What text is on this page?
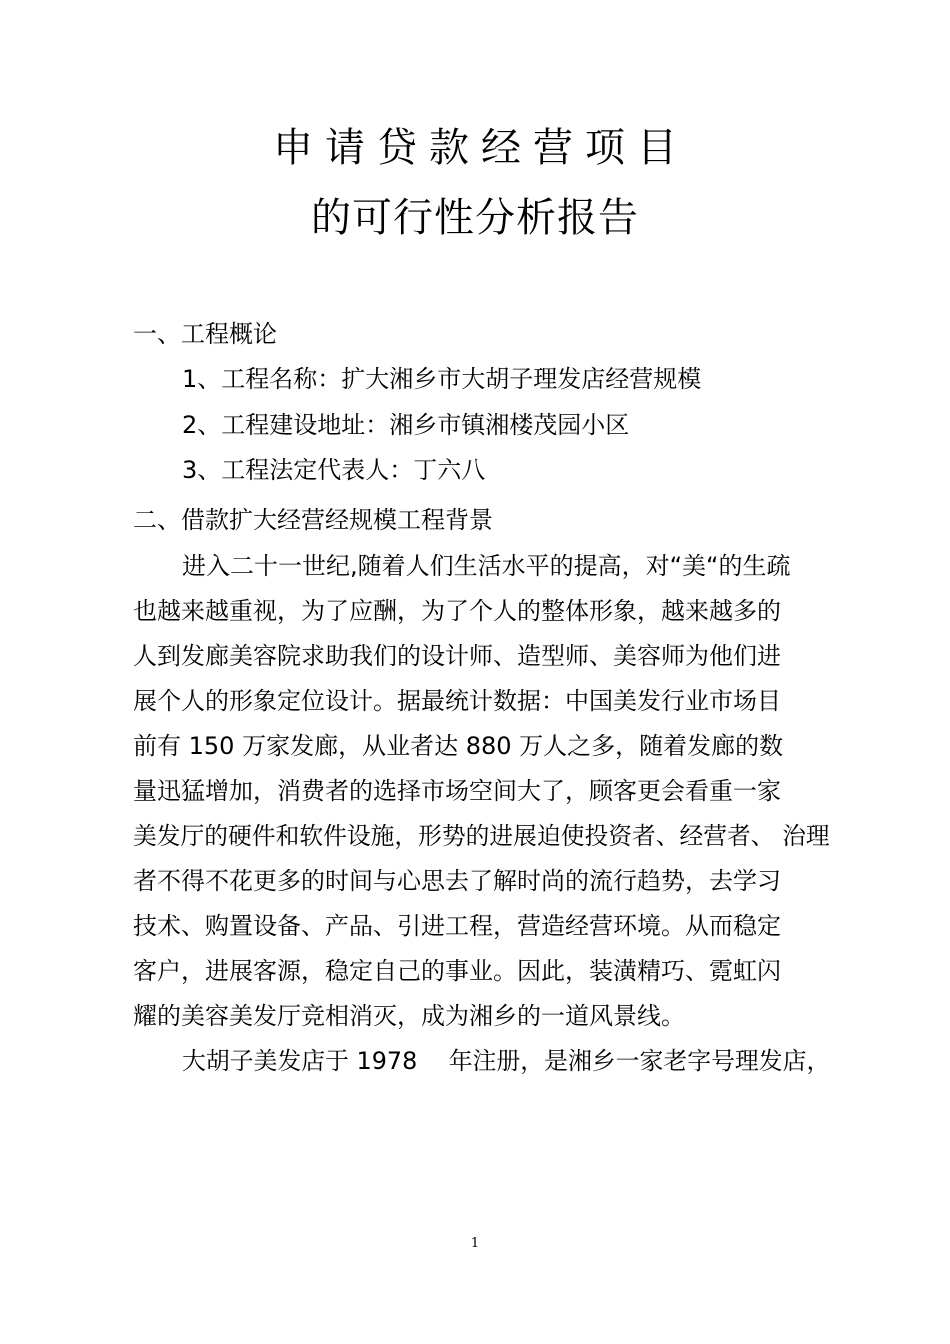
申请贷款经营项目
的可行性分析报告
一、工程概论
1、工程名称：扩大湘乡市大胡子理发店经营规模
2、工程建设地址：湘乡市镇湘楼茂园小区
3、工程法定代表人：丁六八
二、借款扩大经营经规模工程背景
进入二十一世纪,随着人们生活水平的提高，对“美“的生疏
也越来越重视，为了应酬，为了个人的整体形象，越来越多的
人到发廊美容院求助我们的设计师、造型师、美容师为他们进
展个人的形象定位设计。据最统计数据：中国美发行业市场目
前有 150 万家发廊，从业者达 880 万人之多，随着发廊的数
量迅猛增加，消费者的选择市场空间大了，顾客更会看重一家
美发厅的硬件和软件设施，形势的进展迫使投资者、经营者、 治理
者不得不花更多的时间与心思去了解时尚的流行趋势，去学习
技术、购置设备、产品、引进工程，营造经营环境。从而稳定
客户，进展客源，稳定自己的事业。因此，装潢精巧、霓虹闪
耀的美容美发厅竞相消灭，成为湘乡的一道风景线。
大胡子美发店于 1978　 年注册，是湘乡一家老字号理发店，
1
